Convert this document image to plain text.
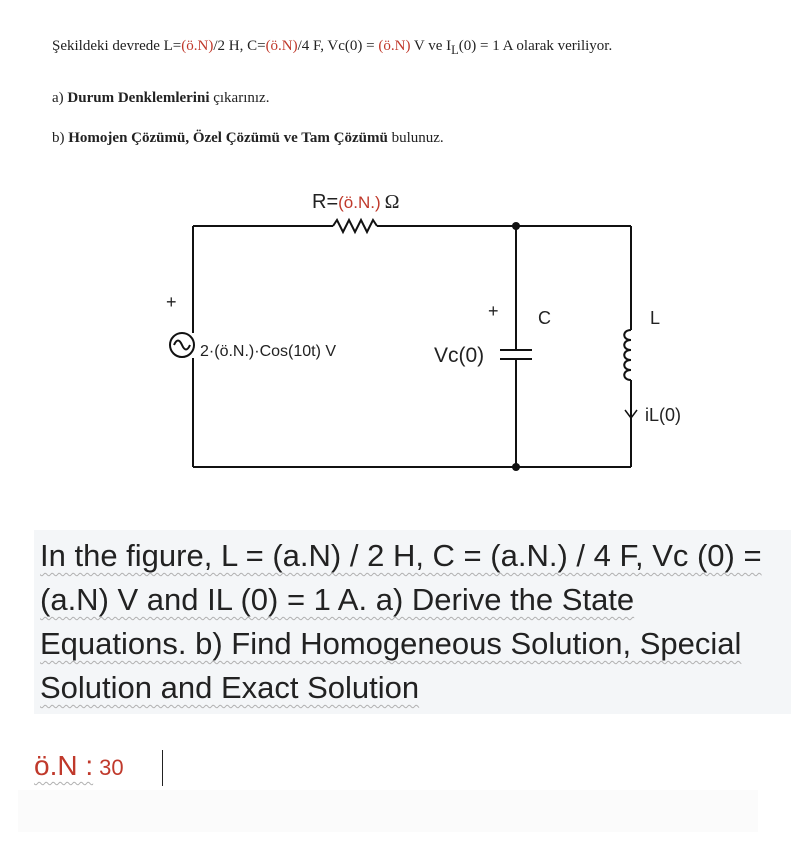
Şekildeki devrede L=(ö.N)/2 H, C=(ö.N)/4 F, Vc(0) = (ö.N) V ve $I_L(0) = 1$ A olarak veriliyor.
a) Durum Denklemlerini çıkarınız.
b) Homojen Çözümü, Özel Çözümü ve Tam Çözümü bulunuz.
R=(ö.N.) Ω
+
2·(ö.N.)·Cos(10t) V
+ C
Vc(0)
L
iL(0)
In the figure, L = (a.N) / 2 H, C = (a.N.) / 4 F, Vc (0) = (a.N) V and IL (0) = 1 A. a) Derive the State Equations. b) Find Homogeneous Solution, Special Solution and Exact Solution
ö.N : 30
